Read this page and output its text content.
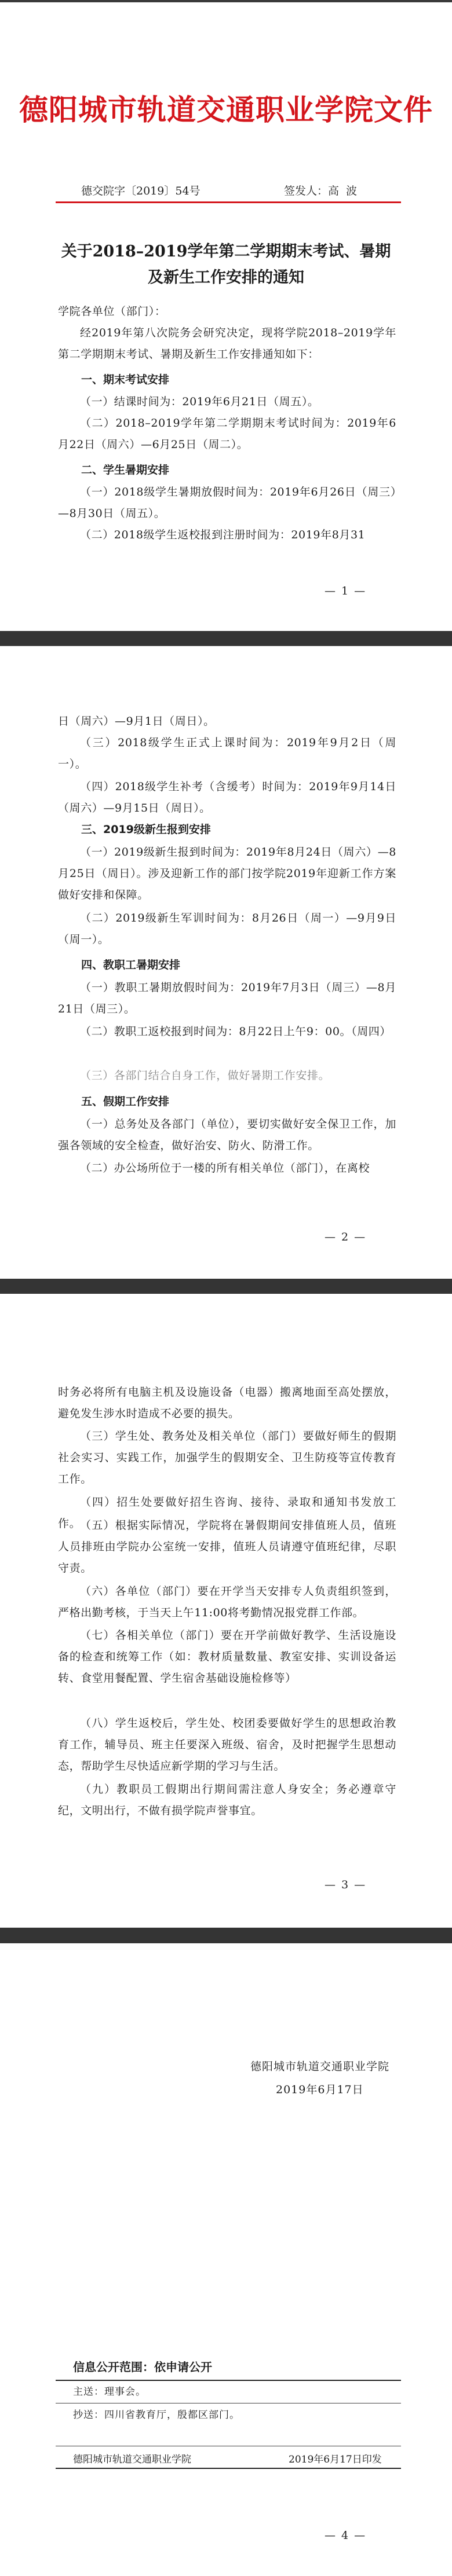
德阳城市轨道交通职业学院文件
德交院字〔2019〕54号	签发人：高 波
关于2018–2019学年第二学期期末考试、暑期
及新生工作安排的通知
学院各单位（部门）：
经2019年第八次院务会研究决定，现将学院2018–2019学年第二学期期末考试、暑期及新生工作安排通知如下：
一、期末考试安排
（一）结课时间为：2019年6月21日（周五）。
（二）2018–2019学年第二学期期末考试时间为：2019年6月22日（周六）—6月25日（周二）。
二、学生暑期安排
（一）2018级学生暑期放假时间为：2019年6月26日（周三）—8月30日（周五）。
（二）2018级学生返校报到注册时间为：2019年8月31
— 1 —
日（周六）—9月1日（周日）。
（三）2018级学生正式上课时间为：2019年9月2日（周一）。
（四）2018级学生补考（含缓考）时间为：2019年9月14日（周六）—9月15日（周日）。
三、2019级新生报到安排
（一）2019级新生报到时间为：2019年8月24日（周六）—8月25日（周日）。涉及迎新工作的部门按学院2019年迎新工作方案做好安排和保障。
（二）2019级新生军训时间为：8月26日（周一）—9月9日（周一）。
四、教职工暑期安排
（一）教职工暑期放假时间为：2019年7月3日（周三）—8月21日（周三）。
（二）教职工返校报到时间为：8月22日上午9：00。（周四）
（三）各部门结合自身工作，做好暑期工作安排。
五、假期工作安排
（一）总务处及各部门（单位），要切实做好安全保卫工作，加强各领域的安全检查，做好治安、防火、防滑工作。
（二）办公场所位于一楼的所有相关单位（部门），在离校
— 2 —
时务必将所有电脑主机及设施设备（电器）搬离地面至高处摆放，避免发生涉水时造成不必要的损失。
（三）学生处、教务处及相关单位（部门）要做好师生的假期社会实习、实践工作，加强学生的假期安全、卫生防疫等宣传教育工作。
（四）招生处要做好招生咨询、接待、录取和通知书发放工作。
（五）根据实际情况，学院将在暑假期间安排值班人员，值班人员排班由学院办公室统一安排，值班人员请遵守值班纪律，尽职守责。
（六）各单位（部门）要在开学当天安排专人负责组织签到，严格出勤考核，于当天上午11:00将考勤情况报党群工作部。
（七）各相关单位（部门）要在开学前做好教学、生活设施设备的检查和统筹工作（如：教材质量数量、教室安排、实训设备运转、食堂用餐配置、学生宿舍基础设施检修等）
（八）学生返校后，学生处、校团委要做好学生的思想政治教育工作，辅导员、班主任要深入班级、宿舍，及时把握学生思想动态，帮助学生尽快适应新学期的学习与生活。
（九）教职员工假期出行期间需注意人身安全；务必遵章守纪，文明出行，不做有损学院声誉事宜。
— 3 —
德阳城市轨道交通职业学院
2019年6月17日
信息公开范围：依申请公开
主送：理事会。
抄送：四川省教育厅，殷都区部门。
德阳城市轨道交通职业学院	2019年6月17日印发
— 4 —
